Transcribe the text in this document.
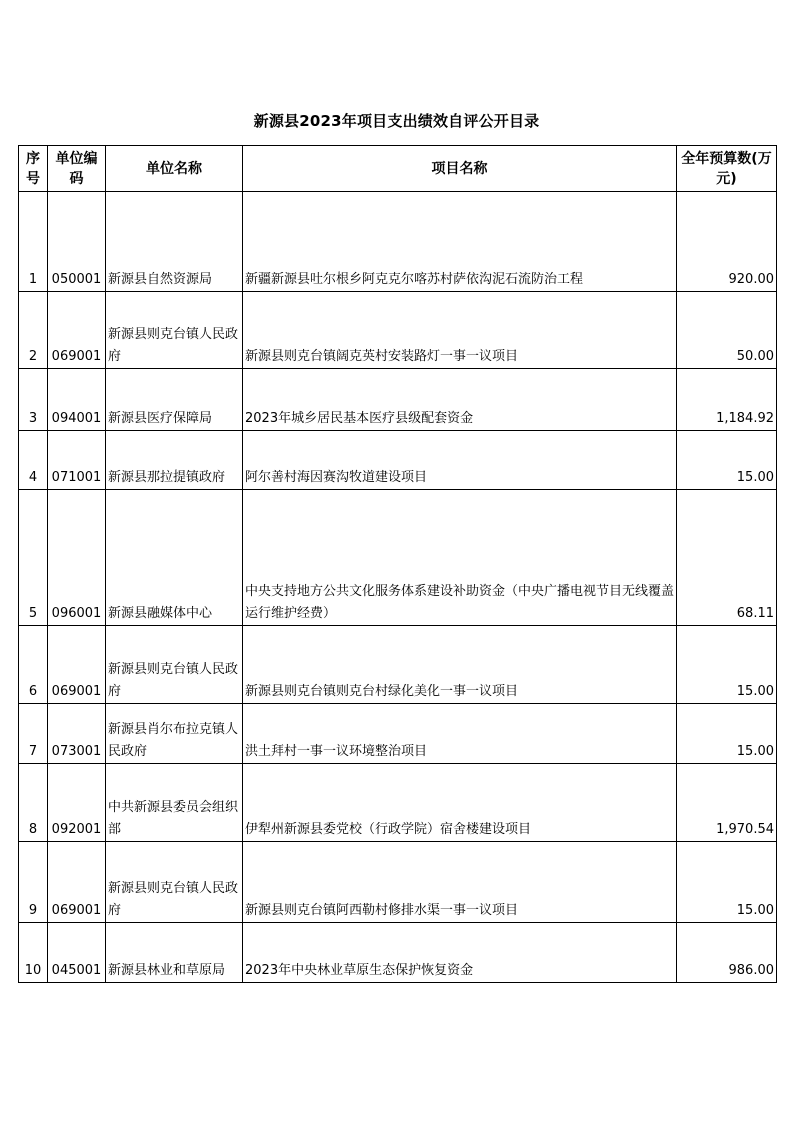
新源县2023年项目支出绩效自评公开目录
序号	单位编码	单位名称	项目名称	全年预算数(万元)
1	050001	新源县自然资源局	新疆新源县吐尔根乡阿克克尔喀苏村萨依沟泥石流防治工程	920.00
2	069001	新源县则克台镇人民政府	新源县则克台镇阔克英村安装路灯一事一议项目	50.00
3	094001	新源县医疗保障局	2023年城乡居民基本医疗县级配套资金	1,184.92
4	071001	新源县那拉提镇政府	阿尔善村海因赛沟牧道建设项目	15.00
5	096001	新源县融媒体中心	中央支持地方公共文化服务体系建设补助资金（中央广播电视节目无线覆盖运行维护经费）	68.11
6	069001	新源县则克台镇人民政府	新源县则克台镇则克台村绿化美化一事一议项目	15.00
7	073001	新源县肖尔布拉克镇人民政府	洪土拜村一事一议环境整治项目	15.00
8	092001	中共新源县委员会组织部	伊犁州新源县委党校（行政学院）宿舍楼建设项目	1,970.54
9	069001	新源县则克台镇人民政府	新源县则克台镇阿西勒村修排水渠一事一议项目	15.00
10	045001	新源县林业和草原局	2023年中央林业草原生态保护恢复资金	986.00
